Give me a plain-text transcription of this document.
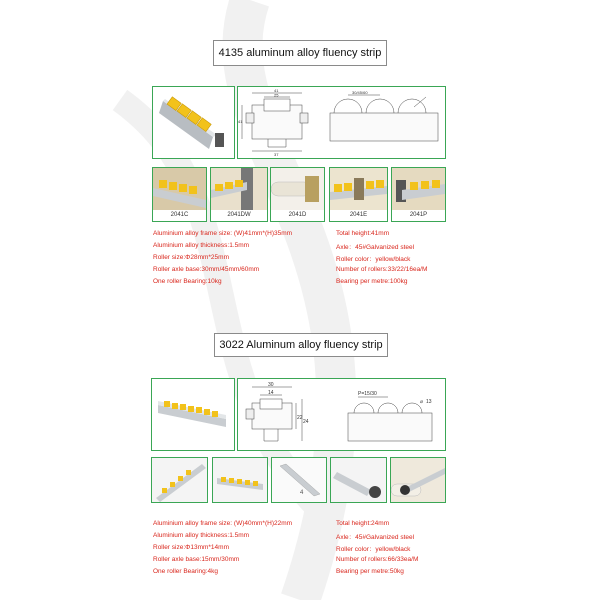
4135 aluminum alloy fluency strip
41
25
41
37
30/45/60
2041C	2041DW	2041D	2041E	2041P
Aluminium alloy frame size: (W)41mm*(H)35mm
Aluminium alloy thickness:1.5mm
Roller size:Φ28mm*25mm
Roller axle base:30mm/45mm/60mm
One roller Bearing:10kg
Total height:41mm
Axle：45#Galvanized steel
Roller color：yellow/black
Number of rollers:33/22/16ea/M
Bearing per metre:100kg
3022 Aluminum alloy fluency strip
30
14
22
24
P=15/30
⌀ 13
4
Aluminium alloy frame size: (W)40mm*(H)22mm
Aluminium alloy thickness:1.5mm
Roller size:Φ13mm*14mm
Roller axle base:15mm/30mm
One roller Bearing:4kg
Total height:24mm
Axle：45#Galvanized steel
Roller color：yellow/black
Number of rollers:66/33ea/M
Bearing per metre:50kg
